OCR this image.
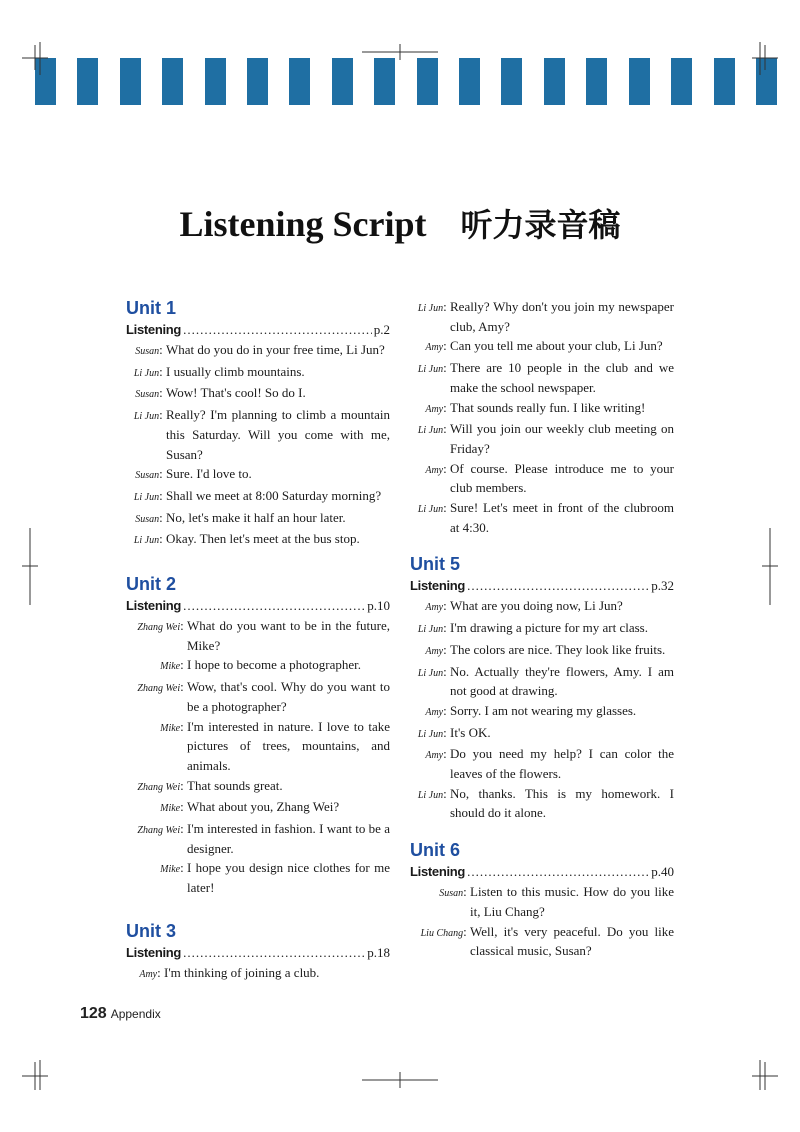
Listening Script 听力录音稿
Unit 1
Listening .....	p.2
Susan: What do you do in your free time, Li Jun?
Li Jun: I usually climb mountains.
Susan: Wow! That's cool! So do I.
Li Jun: Really? I'm planning to climb a mountain this Saturday. Will you come with me, Susan?
Susan: Sure. I'd love to.
Li Jun: Shall we meet at 8:00 Saturday morning?
Susan: No, let's make it half an hour later.
Li Jun: Okay. Then let's meet at the bus stop.
Unit 2
Listening .....	p.10
Zhang Wei: What do you want to be in the future, Mike?
Mike: I hope to become a photographer.
Zhang Wei: Wow, that's cool. Why do you want to be a photographer?
Mike: I'm interested in nature. I love to take pictures of trees, mountains, and animals.
Zhang Wei: That sounds great.
Mike: What about you, Zhang Wei?
Zhang Wei: I'm interested in fashion. I want to be a designer.
Mike: I hope you design nice clothes for me later!
Unit 3
Listening .....	p.18
Amy: I'm thinking of joining a club.
Li Jun: Really? Why don't you join my newspaper club, Amy?
Amy: Can you tell me about your club, Li Jun?
Li Jun: There are 10 people in the club and we make the school newspaper.
Amy: That sounds really fun. I like writing!
Li Jun: Will you join our weekly club meeting on Friday?
Amy: Of course. Please introduce me to your club members.
Li Jun: Sure! Let's meet in front of the clubroom at 4:30.
Unit 5
Listening .....	p.32
Amy: What are you doing now, Li Jun?
Li Jun: I'm drawing a picture for my art class.
Amy: The colors are nice. They look like fruits.
Li Jun: No. Actually they're flowers, Amy. I am not good at drawing.
Amy: Sorry. I am not wearing my glasses.
Li Jun: It's OK.
Amy: Do you need my help? I can color the leaves of the flowers.
Li Jun: No, thanks. This is my homework. I should do it alone.
Unit 6
Listening .....	p.40
Susan: Listen to this music. How do you like it, Liu Chang?
Liu Chang: Well, it's very peaceful. Do you like classical music, Susan?
128 Appendix
